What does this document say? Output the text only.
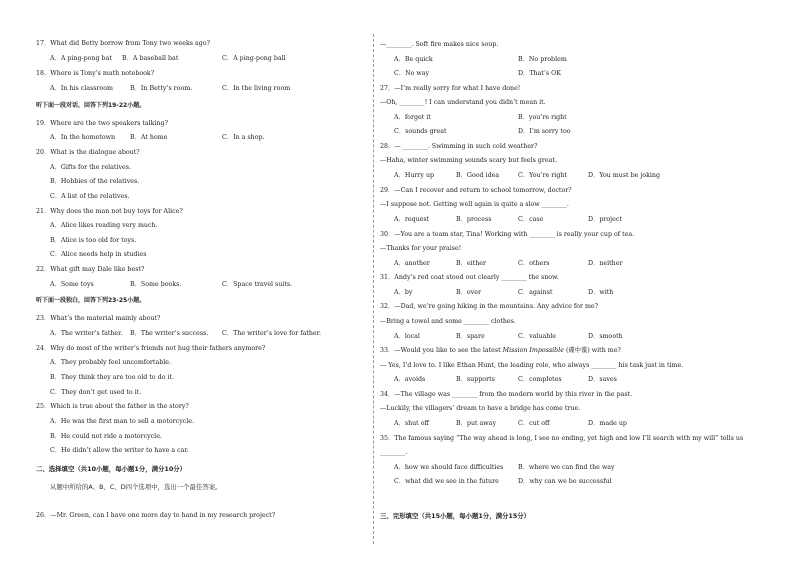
17．What did Betty borrow from Tony two weeks ago?
A．A ping-pong bat B．A baseball bat	C．A ping-pong ball
18．Where is Tony’s math notebook?
A．In his classroom	B．In Betty’s room.	C．In the living room
听下面一段对话，回答下列19-22小题。
19．Where are the two speakers talking?
A．In the hometown B．At home	C．In a shop.
20．What is the dialogue about?
A．Gifts for the relatives.
B．Hobbies of the relatives.
C．A list of the relatives.
21．Why does the man not buy toys for Alice?
A．Alice likes reading very much.
B．Alice is too old for toys.
C．Alice needs help in studies
22．What gift may Dale like best?
A．Some toys	B．Some books.	C．Space travel suits.
听下面一段独白，回答下列23-25小题。
23．What’s the material mainly about?
A．The writer’s father. B．The writer’s success. C．The writer’s love for father.
24．Why do most of the writer’s friends not hug their fathers anymore?
A．They probably feel uncomfortable.
B．They think they are too old to do it.
C．They don’t get used to it.
25．Which is true about the father in the story?
A．He was the first man to sell a motorcycle.
B．He could not ride a motorcycle.
C．He didn’t allow the writer to have a car.
二、选择填空（共10小题，每小题1分，满分10分）
从题中所给的A、B、C、D四个选项中，选出一个最佳答案。
26．—Mr. Green, can I have one more day to hand in my research project?
—________. Soft fire makes nice soup.
A．Be quick	B．No problem
C．No way	D．That’s OK
27．—I’m really sorry for what I have done!
—Oh, ________! I can understand you didn’t mean it.
A．forget it	B．you’re right
C．sounds great	D．I’m sorry too
28．— ________. Swimming in such cold weather?
—Haha, winter swimming sounds scary but feels great.
A．Hurry up	B．Good idea	C．You’re right	D．You must be joking
29．—Can I recover and return to school tomorrow, doctor?
—I suppose not. Getting well again is quite a slow ________.
A．request	B．process	C．case	D．project
30．—You are a team star, Tina! Working with ________ is really your cup of tea.
—Thanks for your praise!
A．another	B．either	C．others	D．neither
31．Andy’s red coat stood out clearly ________ the snow.
A．by	B．over	C．against	D．with
32．—Dad, we’re going hiking in the mountains. Any advice for me?
—Bring a towel and some ________ clothes.
A．local	B．spare	C．valuable	D．smooth
33．—Would you like to see the latest Mission Impossible (碟中谍) with me?
— Yes, I’d love to. I like Ethan Hunt, the leading role, who always ________ his task just in time.
A．avoids	B．supports	C．completes	D．saves
34．—The village was ________ from the modern world by this river in the past.
—Luckily, the villagers’ dream to have a bridge has come true.
A．shut off	B．put away	C．cut off	D．made up
35．The famous saying “The way ahead is long, I see no ending, yet high and low I’ll search with my will” tells us
________.
A．how we should face difficulties B．where we can find the way
C．what did we see in the future	D．why can we be successful
三、完形填空（共15小题，每小题1分，满分15分）
